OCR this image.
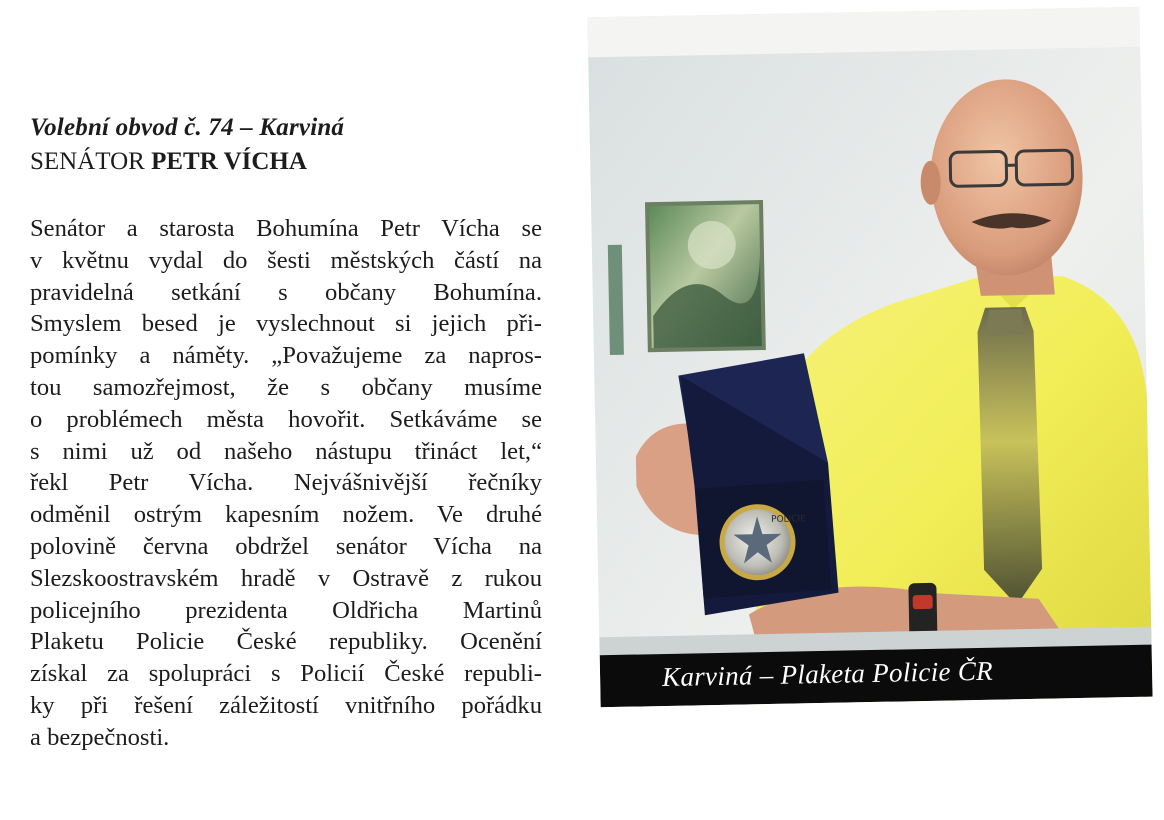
Volební obvod č. 74 – Karviná
SENÁTOR PETR VÍCHA
Senátor a starosta Bohumína Petr Vícha se
v květnu vydal do šesti městských částí na
pravidelná setkání s občany Bohumína.
Smyslem besed je vyslechnout si jejich při-
pomínky a náměty. „Považujeme za napros-
tou samozřejmost, že s občany musíme
o problémech města hovořit. Setkáváme se
s nimi už od našeho nástupu třináct let,“
řekl Petr Vícha. Nejvášnivější řečníky
odměnil ostrým kapesním nožem. Ve druhé
polovině června obdržel senátor Vícha na
Slezskoostravském hradě v Ostravě z rukou
policejního prezidenta Oldřicha Martinů
Plaketu Policie České republiky. Ocenění
získal za spolupráci s Policií České republi-
ky při řešení záležitostí vnitřního pořádku
a bezpečnosti.
POLICIE
Karviná – Plaketa Policie ČR
